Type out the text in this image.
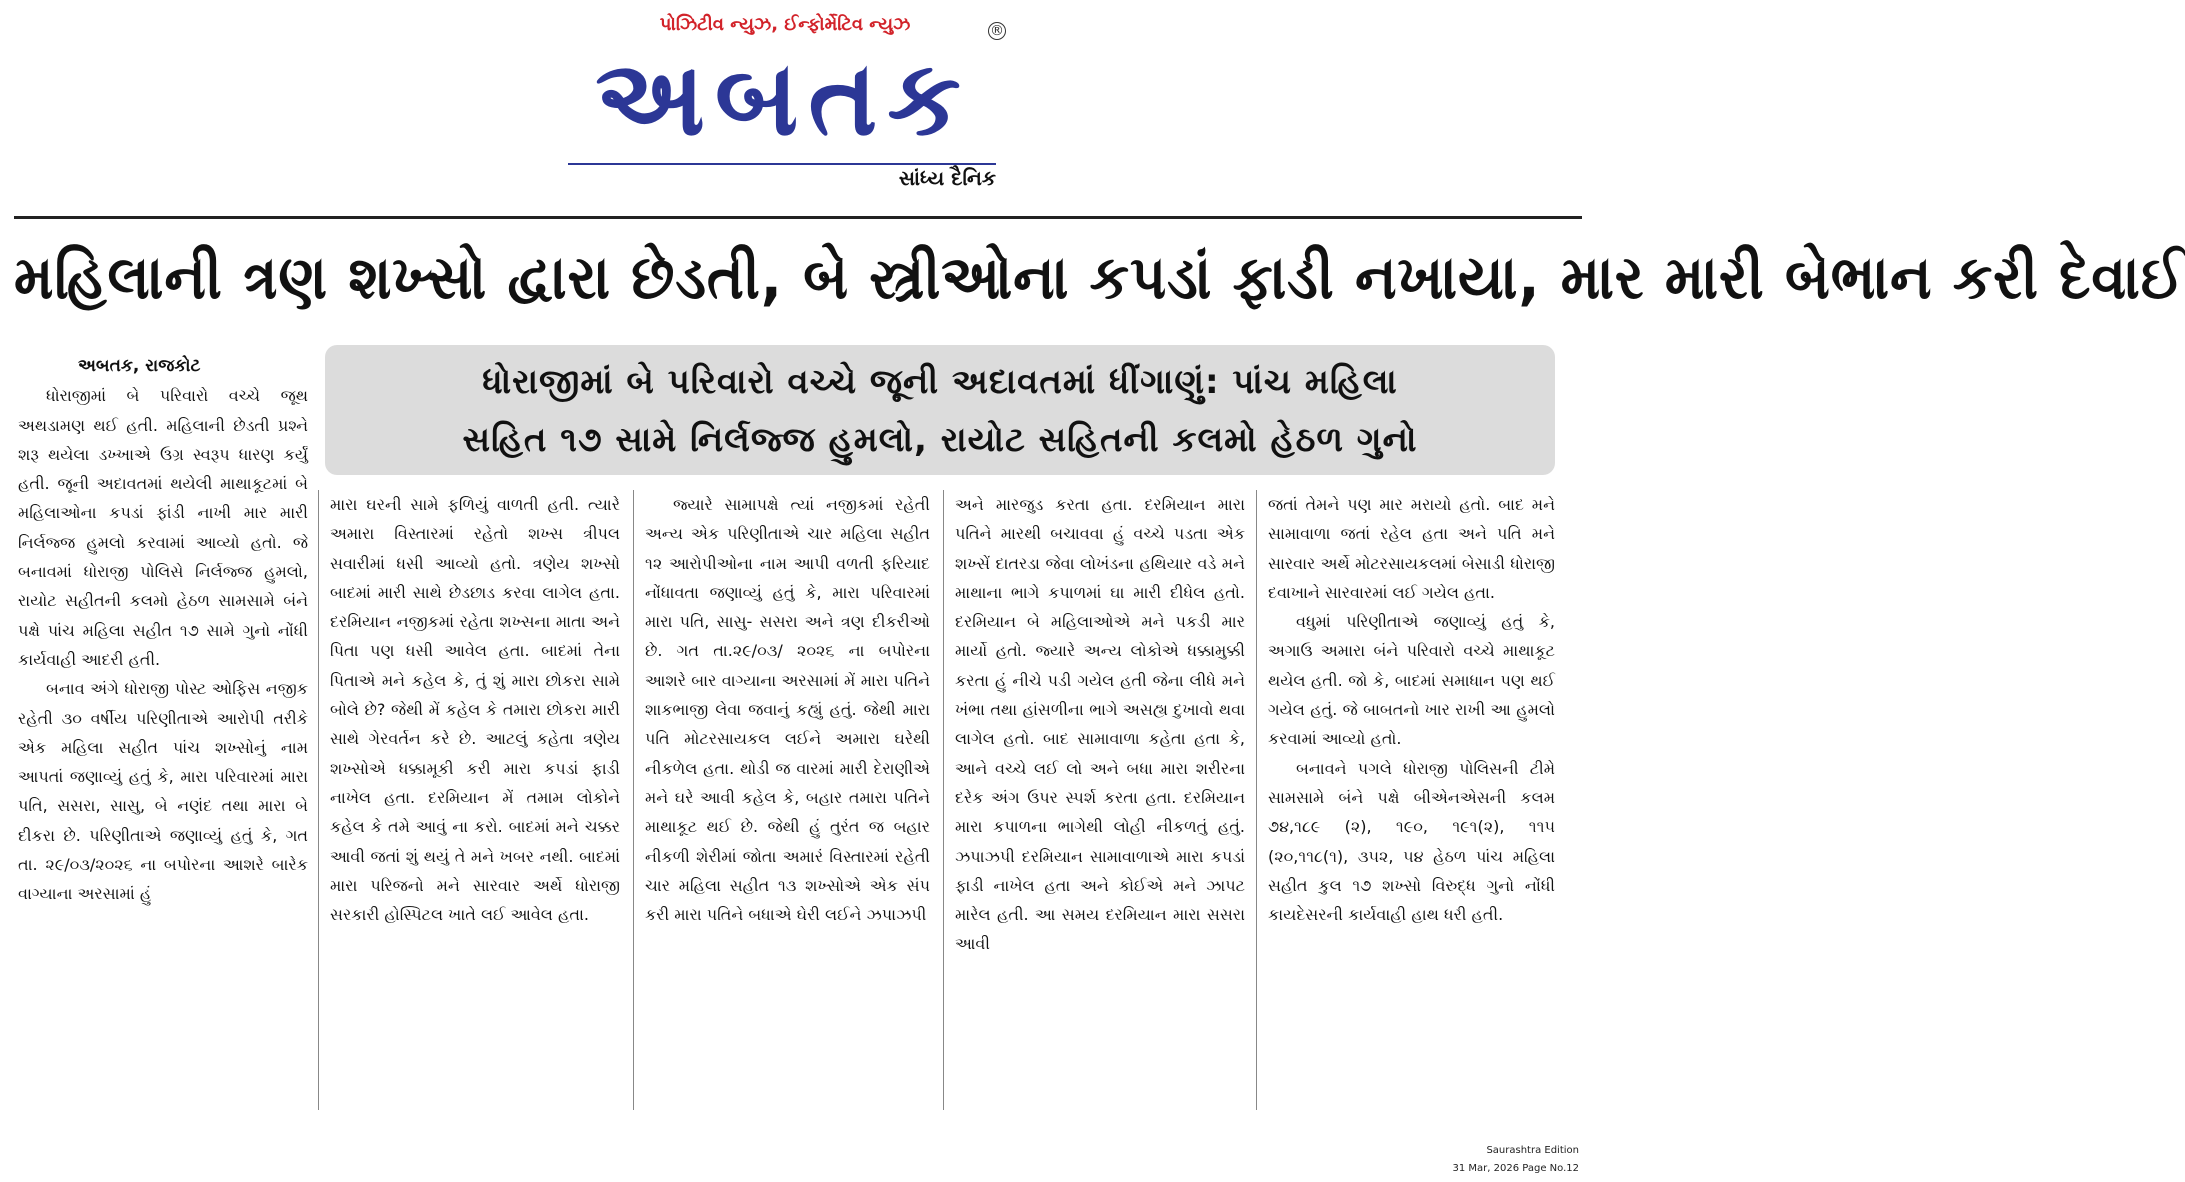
પોઝિટીવ ન્યુઝ, ઈન્ફોર્મેટિવ ન્યુઝ
અબતક
®
સાંધ્ય દૈનિક
મહિલાની ત્રણ શખ્સો દ્વારા છેડતી, બે સ્ત્રીઓના કપડાં ફાડી નખાયા, માર મારી બેભાન કરી દેવાઈ
ધોરાજીમાં બે પરિવારો વચ્ચે જૂની અદાવતમાં ધીંગાણું: પાંચ મહિલા
સહિત ૧૭ સામે નિર્લજ્જ હુમલો, રાયોટ સહિતની કલમો હેઠળ ગુનો

અબતક, રાજકોટ

ધોરાજીમાં બે પરિવારો વચ્ચે જૂથ અથડામણ થઈ હતી. મહિલાની છેડતી પ્રશ્ને શરૂ થયેલા ડખ્ખાએ ઉગ્ર સ્વરૂપ ધારણ કર્યું હતી. જૂની અદાવતમાં થયેલી માથાકૂટમાં બે મહિલાઓના કપડાં ફાંડી નાખી માર મારી નિર્લજ્જ હુમલો કરવામાં આવ્યો હતો. જે બનાવમાં ધોરાજી પોલિસે નિર્લજ્જ હુમલો, રાયોટ સહીતની કલમો હેઠળ સામસામે બંને પક્ષે પાંચ મહિલા સહીત ૧૭ સામે ગુનો નોંધી કાર્યવાહી આદરી હતી.

બનાવ અંગે ધોરાજી પોસ્ટ ઓફિસ નજીક રહેતી ૩૦ વર્ષીય પરિણીતાએ આરોપી તરીકે એક મહિલા સહીત પાંચ શખ્સોનું નામ આપતાં જણાવ્યું હતું કે, મારા પરિવારમાં મારા પતિ, સસરા, સાસુ, બે નણંદ તથા મારા બે દીકરા છે. પરિણીતાએ જણાવ્યું હતું કે, ગત તા. ૨૯/૦૩/૨૦૨૬ ના બપોરના આશરે બારેક વાગ્યાના અરસામાં હું

મારા ઘરની સામે ફળિયું વાળતી હતી. ત્યારે અમારા વિસ્તારમાં રહેતો શખ્સ ત્રીપલ સવારીમાં ધસી આવ્યો હતો. ત્રણેય શખ્સો બાદમાં મારી સાથે છેડછાડ કરવા લાગેલ હતા. દરમિયાન નજીકમાં રહેતા શખ્સના માતા અને પિતા પણ ધસી આવેલ હતા. બાદમાં તેના પિતાએ મને કહેલ કે, તું શું મારા છોકરા સામે બોલે છે? જેથી મેં કહેલ કે તમારા છોકરા મારી સાથે ગેરવર્તન કરે છે. આટલું કહેતા ત્રણેય શખ્સોએ ધક્કામૂકી કરી મારા કપડાં ફાડી નાખેલ હતા. દરમિયાન મેં તમામ લોકોને કહેલ કે તમે આવું ના કરો. બાદમાં મને ચક્કર આવી જતાં શું થયું તે મને ખબર નથી. બાદમાં મારા પરિજનો મને સારવાર અર્થે ધોરાજી સરકારી હોસ્પિટલ ખાતે લઈ આવેલ હતા.

જ્યારે સામાપક્ષે ત્યાં નજીકમાં રહેતી અન્ય એક પરિણીતાએ ચાર મહિલા સહીત ૧૨ આરોપીઓના નામ આપી વળતી ફરિયાદ નોંધાવતા જણાવ્યું હતું કે, મારા પરિવારમાં મારા પતિ, સાસુ- સસરા અને ત્રણ દીકરીઓ છે. ગત તા.૨૯/૦૩/ ૨૦૨૬ ના બપોરના આશરે બાર વાગ્યાના અરસામાં મેં મારા પતિને શાકભાજી લેવા જવાનું કહ્યું હતું. જેથી મારા પતિ મોટરસાયકલ લઈને અમારા ઘરેથી નીકળેલ હતા. થોડી જ વારમાં મારી દેરાણીએ મને ઘરે આવી કહેલ કે, બહાર તમારા પતિને માથાકૂટ થઈ છે. જેથી હું તુરંત જ બહાર નીકળી શેરીમાં જોતા અમારં વિસ્તારમાં રહેતી ચાર મહિલા સહીત ૧૩ શખ્સોએ એક સંપ કરી મારા પતિને બધાએ ઘેરી લઈને ઝપાઝપી

અને મારજુડ કરતા હતા. દરમિયાન મારા પતિને મારથી બચાવવા હું વચ્ચે પડતા એક શખ્સેં દાતરડા જેવા લોખંડના હથિયાર વડે મને માથાના ભાગે કપાળમાં ઘા મારી દીધેલ હતો. દરમિયાન બે મહિલાઓએ મને પકડી માર માર્યો હતો. જ્યારે અન્ય લોકોએ ધક્કામુક્કી કરતા હું નીચે પડી ગયેલ હતી જેના લીધે મને ખંભા તથા હાંસળીના ભાગે અસહ્ય દુખાવો થવા લાગેલ હતો. બાદ સામાવાળા કહેતા હતા કે, આને વચ્ચે લઈ લો અને બધા મારા શરીરના દરેક અંગ ઉપર સ્પર્શ કરતા હતા. દરમિયાન મારા કપાળના ભાગેથી લોહી નીકળતું હતું. ઝપાઝપી દરમિયાન સામાવાળાએ મારા કપડાં ફાડી નાખેલ હતા અને કોઈએ મને ઝાપટ મારેલ હતી. આ સમય દરમિયાન મારા સસરા આવી

જતાં તેમને પણ માર મરાયો હતો. બાદ મને સામાવાળા જતાં રહેલ હતા અને પતિ મને સારવાર અર્થે મોટરસાયકલમાં બેસાડી ધોરાજી દવાખાને સારવારમાં લઈ ગયેલ હતા.

વધુમાં પરિણીતાએ જણાવ્યું હતું કે, અગાઉ અમારા બંને પરિવારો વચ્ચે માથાકૂટ થયેલ હતી. જો કે, બાદમાં સમાધાન પણ થઈ ગયેલ હતું. જે બાબતનો ખાર રાખી આ હુમલો કરવામાં આવ્યો હતો.

બનાવને પગલે ધોરાજી પોલિસની ટીમે સામસામે બંને પક્ષે બીએનએસની કલમ ૭૪,૧૮૯ (૨), ૧૯૦, ૧૯૧(૨), ૧૧૫ (૨૦,૧૧૮(૧), ૩૫૨, ૫૪ હેઠળ પાંચ મહિલા સહીત કુલ ૧૭ શખ્સો વિરુદ્ધ ગુનો નોંધી કાયદેસરની કાર્યવાહી હાથ ધરી હતી.

Saurashtra Edition
31 Mar, 2026 Page No.12
